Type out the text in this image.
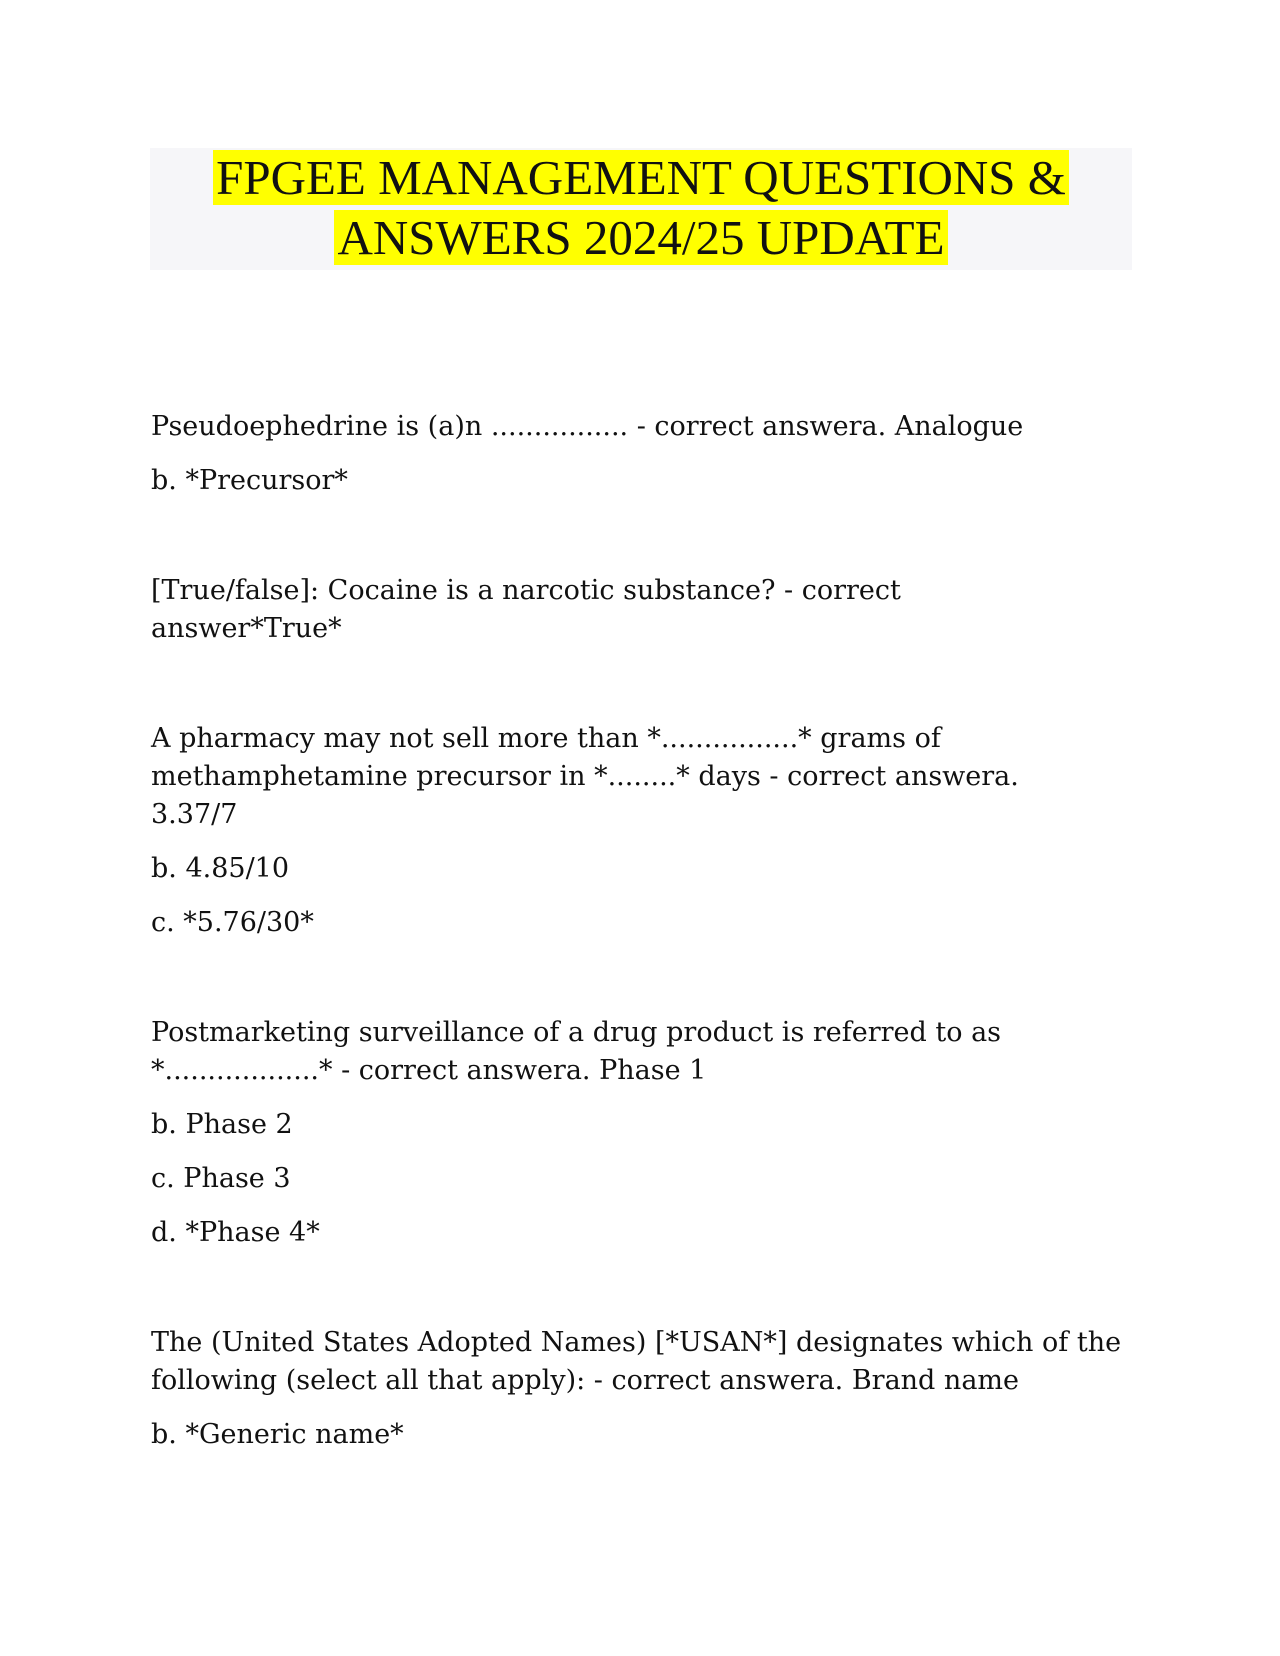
FPGEE MANAGEMENT QUESTIONS &
ANSWERS 2024/25 UPDATE

Pseudoephedrine is (a)n ................ - correct answera. Analogue

b. *Precursor*

[True/false]: Cocaine is a narcotic substance? - correct answer*True*

A pharmacy may not sell more than *................* grams of methamphetamine precursor in *........* days - correct answera. 3.37/7

b. 4.85/10

c. *5.76/30*

Postmarketing surveillance of a drug product is referred to as *..................* - correct answera. Phase 1

b. Phase 2

c. Phase 3

d. *Phase 4*

The (United States Adopted Names) [*USAN*] designates which of the following (select all that apply): - correct answera. Brand name

b. *Generic name*
